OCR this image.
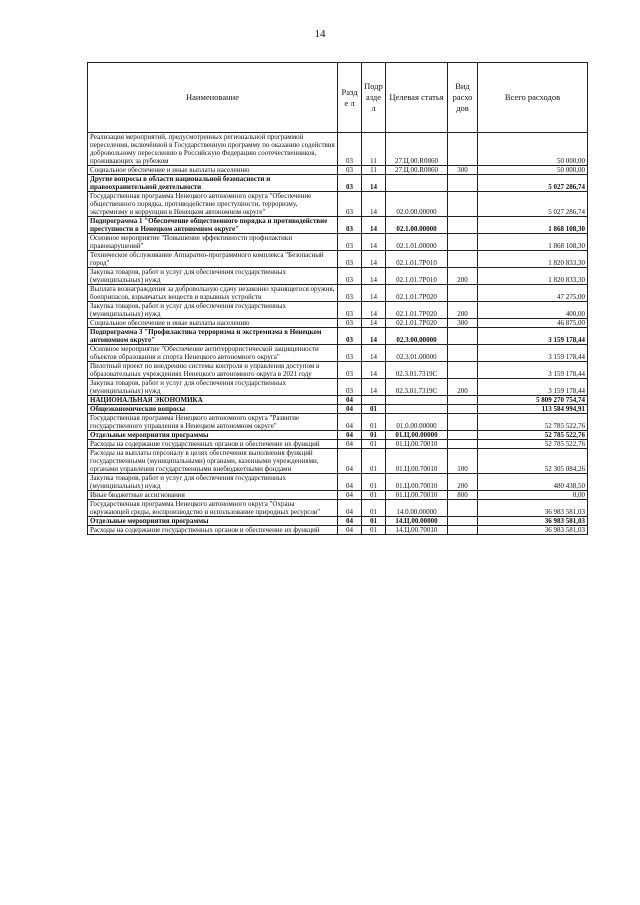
14
Наименование	Разде л	Подр аздел	Целевая статья	Вид расхо дов	Всего расходов
Реализация мероприятий, предусмотренных региональной программой переселения, включённой в Государственную программу по оказанию содействия добровольному переселению в Российскую Федерацию соотечественников, проживающих за рубежом	03	11	27.Ц.00.R0860		50 000,00
Социальное обеспечение и иные выплаты населению	03	11	27.Ц.00.R0860	300	50 000,00
Другие вопросы в области национальной безопасности и правоохранительной деятельности	03	14			5 027 286,74
Государственная программа Ненецкого автономного округа "Обеспечение общественного порядка, противодействие преступности, терроризму, экстремизму и коррупции в Ненецком автономном округе"	03	14	02.0.00.00000		5 027 286,74
Подпрограмма 1 "Обеспечение общественного порядка и противодействие преступности в Ненецком автономном округе"	03	14	02.1.00.00000		1 868 108,30
Основное мероприятие "Повышение эффективности профилактики правонарушений"	03	14	02.1.01.00000		1 868 108,30
Техническое обслуживание Аппаратно-программного комплекса "Безопасный город"	03	14	02.1.01.7Р010		1 820 833,30
Закупка товаров, работ и услуг для обеспечения государственных (муниципальных) нужд	03	14	02.1.01.7Р010	200	1 820 833,30
Выплата вознаграждения за добровольную сдачу незаконно хранящегося оружия, боеприпасов, взрывчатых веществ и взрывных устройств	03	14	02.1.01.7Р020		47 275,00
Закупка товаров, работ и услуг для обеспечения государственных (муниципальных) нужд	03	14	02.1.01.7Р020	200	400,00
Социальное обеспечение и иные выплаты населению	03	14	02.1.01.7Р020	300	46 875,00
Подпрограмма 3 "Профилактика терроризма и экстремизма в Ненецком автономном округе"	03	14	02.3.00.00000		3 159 178,44
Основное мероприятие "Обеспечение антитеррористической защищенности объектов образования и спорта Ненецкого автономного округа"	03	14	02.3.01.00000		3 159 178,44
Пилотный проект по внедрению системы контроля и управления доступом в образовательных учреждениях Ненецкого автономного округа в 2021 году	03	14	02.3.01.7319С		3 159 178,44
Закупка товаров, работ и услуг для обеспечения государственных (муниципальных) нужд	03	14	02.3.01.7319С	200	3 159 178,44
НАЦИОНАЛЬНАЯ ЭКОНОМИКА	04				5 809 270 754,74
Общеэкономические вопросы	04	01			113 584 994,91
Государственная программа Ненецкого автономного округа "Развитие государственного управления в Ненецком автономном округе"	04	01	01.0.00.00000		52 785 522,76
Отдельные мероприятия программы	04	01	01.Ц.00.00000		52 785 522,76
Расходы на содержание государственных органов и обеспечение их функций	04	01	01.Ц.00.70010		52 785 522,76
Расходы на выплаты персоналу в целях обеспечения выполнения функций государственными (муниципальными) органами, казенными учреждениями, органами управления государственными внебюджетными фондами	04	01	01.Ц.00.70010	100	52 305 084,26
Закупка товаров, работ и услуг для обеспечения государственных (муниципальных) нужд	04	01	01.Ц.00.70010	200	480 438,50
Иные бюджетные ассигнования	04	01	01.Ц.00.70010	800	0,00
Государственная программа Ненецкого автономного округа "Охрана окружающей среды, воспроизводство и использование природных ресурсов"	04	01	14.0.00.00000		36 983 581,03
Отдельные мероприятия программы	04	01	14.Ц.00.00000		36 983 581,03
Расходы на содержание государственных органов и обеспечение их функций	04	01	14.Ц.00.70010		36 983 581,03
